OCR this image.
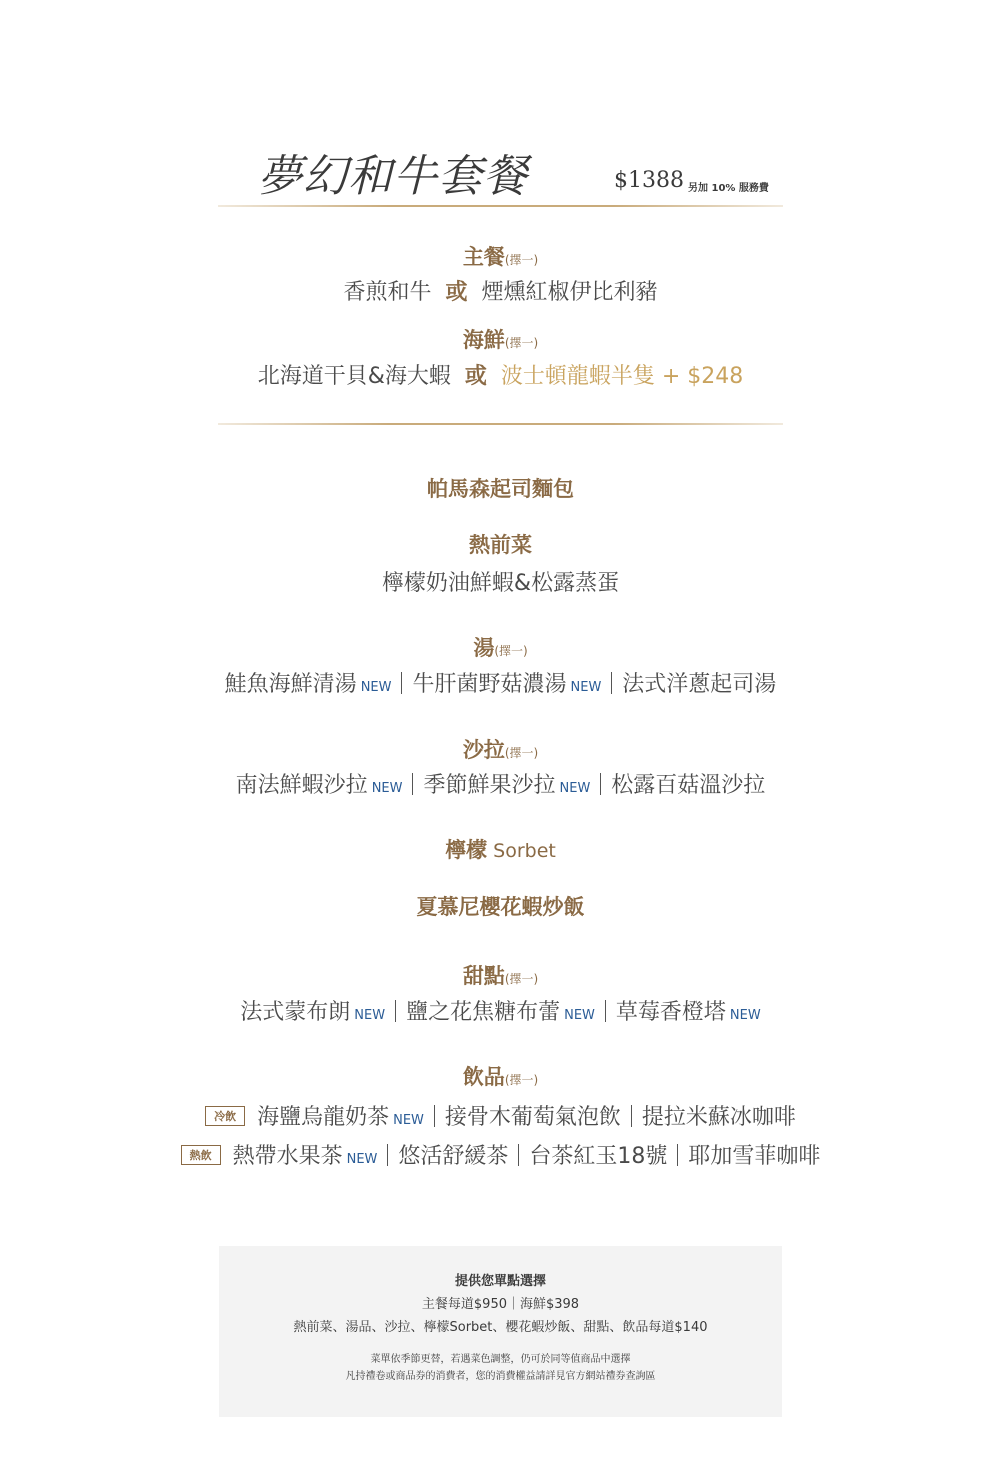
夢幻和牛套餐	$1388 另加 10% 服務費
主餐(擇一)
香煎和牛 或 煙燻紅椒伊比利豬
海鮮(擇一)
北海道干貝&海大蝦 或 波士頓龍蝦半隻 + $248
帕馬森起司麵包
熱前菜
檸檬奶油鮮蝦&松露蒸蛋
湯(擇一)
鮭魚海鮮清湯 NEW 牛肝菌野菇濃湯 NEW 法式洋蔥起司湯
沙拉(擇一)
南法鮮蝦沙拉 NEW 季節鮮果沙拉 NEW 松露百菇溫沙拉
檸檬 Sorbet
夏慕尼櫻花蝦炒飯
甜點(擇一)
法式蒙布朗 NEW 鹽之花焦糖布蕾 NEW 草莓香橙塔 NEW
飲品(擇一)
冷飲 海鹽烏龍奶茶 NEW 接骨木葡萄氣泡飲 提拉米蘇冰咖啡
熱飲 熱帶水果茶 NEW 悠活舒緩茶 台茶紅玉18號 耶加雪菲咖啡
提供您單點選擇
主餐每道$950｜海鮮$398
熱前菜、湯品、沙拉、檸檬Sorbet、櫻花蝦炒飯、甜點、飲品每道$140
菜單依季節更替，若遇菜色調整，仍可於同等值商品中選擇
凡持禮卷或商品券的消費者，您的消費權益請詳見官方網站禮券查詢區
